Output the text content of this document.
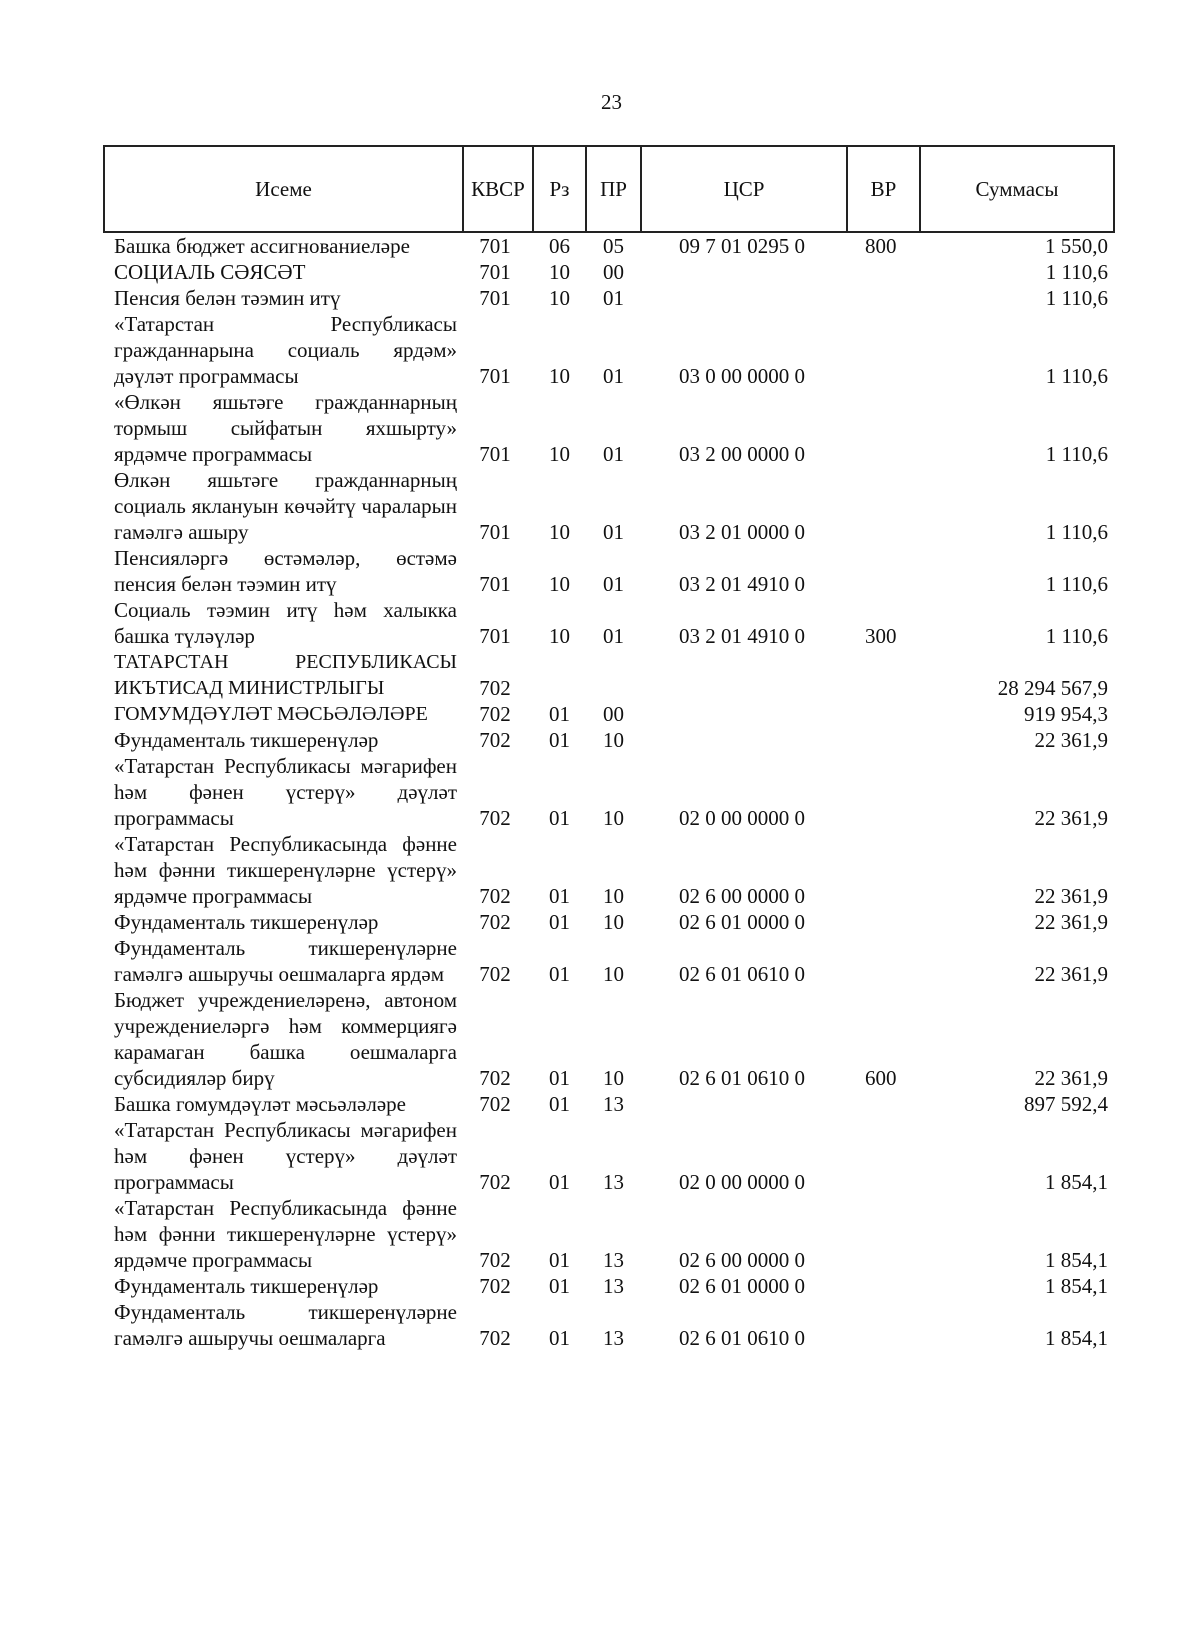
23
Исеме	КВСР	Рз	ПР	ЦСР	ВР	Суммасы
Башка бюджет ассигнованиеләре	701	06	05	09 7 01 0295 0	800	1 550,0
СОЦИАЛЬ СӘЯСӘТ	701	10	00			1 110,6
Пенсия белән тәэмин итү	701	10	01			1 110,6
«Татарстан Республикасы гражданнарына социаль ярдәм» дәүләт программасы	701	10	01	03 0 00 0000 0		1 110,6
«Өлкән яшьтәге гражданнарның тормыш сыйфатын яхшырту» ярдәмче программасы	701	10	01	03 2 00 0000 0		1 110,6
Өлкән яшьтәге гражданнарның социаль яклануын көчәйтү чараларын гамәлгә ашыру	701	10	01	03 2 01 0000 0		1 110,6
Пенсияләргә өстәмәләр, өстәмә пенсия белән тәэмин итү	701	10	01	03 2 01 4910 0		1 110,6
Социаль тәэмин итү һәм халыкка башка түләүләр	701	10	01	03 2 01 4910 0	300	1 110,6
ТАТАРСТАН РЕСПУБЛИКАСЫ ИКЪТИСАД МИНИСТРЛЫГЫ	702					28 294 567,9
ГОМУМДӘҮЛӘТ МӘСЬӘЛӘЛӘРЕ	702	01	00			919 954,3
Фундаменталь тикшеренүләр	702	01	10			22 361,9
«Татарстан Республикасы мәгарифен һәм фәнен үстерү» дәүләт программасы	702	01	10	02 0 00 0000 0		22 361,9
«Татарстан Республикасында фәнне һәм фәнни тикшеренүләрне үстерү» ярдәмче программасы	702	01	10	02 6 00 0000 0		22 361,9
Фундаменталь тикшеренүләр	702	01	10	02 6 01 0000 0		22 361,9
Фундаменталь тикшеренүләрне гамәлгә ашыручы оешмаларга ярдәм	702	01	10	02 6 01 0610 0		22 361,9
Бюджет учреждениеләренә, автоном учреждениеләргә һәм коммерциягә карамаган башка оешмаларга субсидияләр бирү	702	01	10	02 6 01 0610 0	600	22 361,9
Башка гомумдәүләт мәсьәләләре	702	01	13			897 592,4
«Татарстан Республикасы мәгарифен һәм фәнен үстерү» дәүләт программасы	702	01	13	02 0 00 0000 0		1 854,1
«Татарстан Республикасында фәнне һәм фәнни тикшеренүләрне үстерү» ярдәмче программасы	702	01	13	02 6 00 0000 0		1 854,1
Фундаменталь тикшеренүләр	702	01	13	02 6 01 0000 0		1 854,1
Фундаменталь тикшеренүләрне гамәлгә ашыручы оешмаларга	702	01	13	02 6 01 0610 0		1 854,1
